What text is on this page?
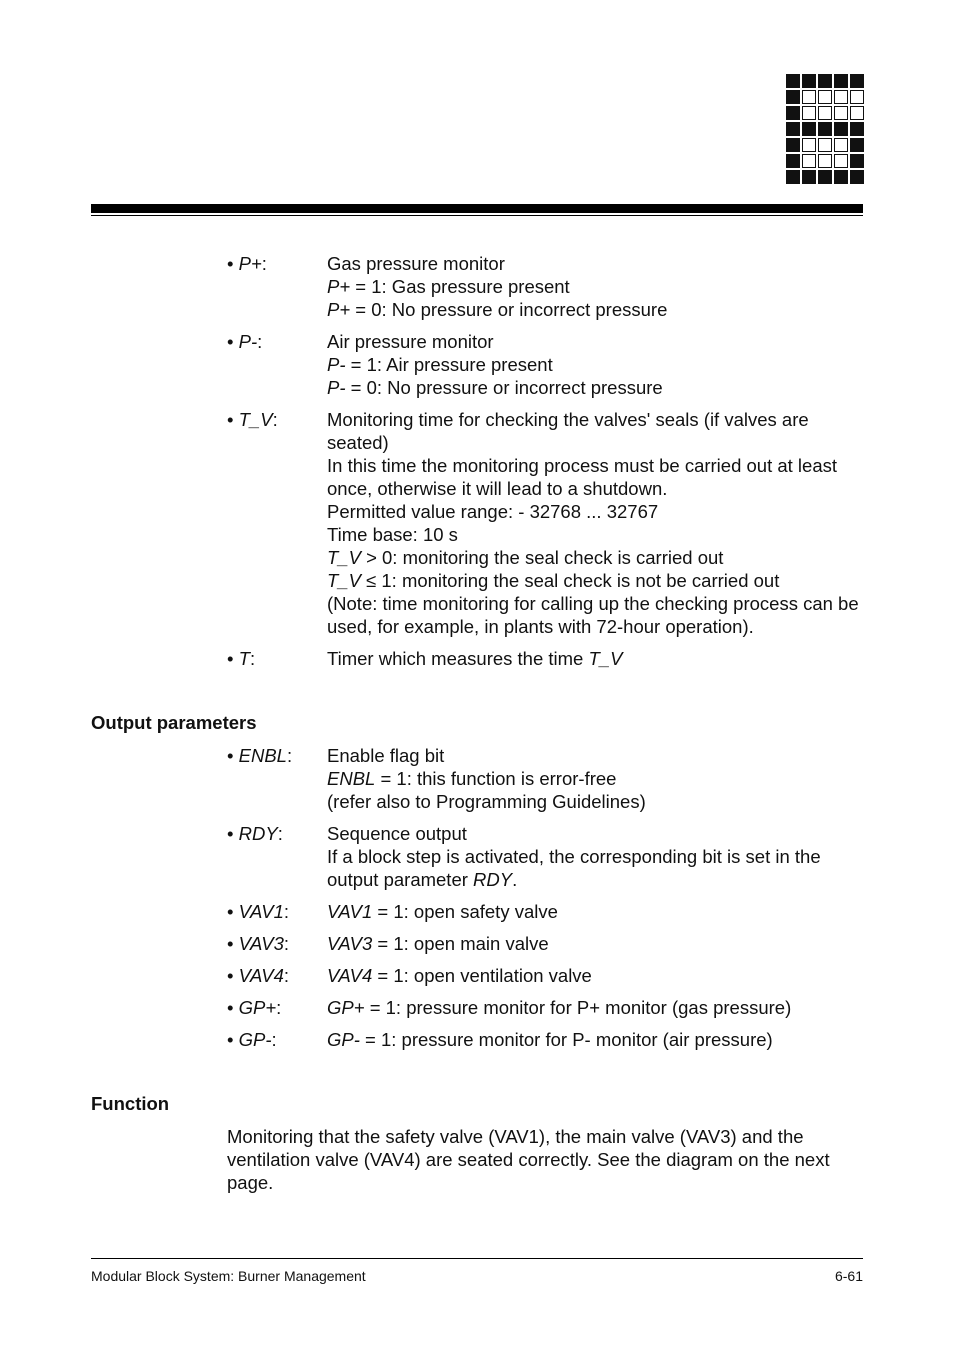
• P+:	Gas pressure monitor
P+ = 1: Gas pressure present
P+ = 0: No pressure or incorrect pressure
• P-:	Air pressure monitor
P- = 1: Air pressure present
P- = 0: No pressure or incorrect pressure
• T_V:	Monitoring time for checking the valves' seals (if valves are seated)
In this time the monitoring process must be carried out at least once, otherwise it will lead to a shutdown.
Permitted value range: - 32768 ... 32767
Time base: 10 s
T_V > 0: monitoring the seal check is carried out
T_V ≤ 1: monitoring the seal check is not be carried out
(Note: time monitoring for calling up the checking process can be used, for example, in plants with 72-hour operation).
• T:	Timer which measures the time T_V
Output parameters
• ENBL: Enable flag bit
ENBL = 1: this function is error-free
(refer also to Programming Guidelines)
• RDY: Sequence output
If a block step is activated, the corresponding bit is set in the output parameter RDY.
• VAV1: VAV1 = 1: open safety valve
• VAV3: VAV3 = 1: open main valve
• VAV4: VAV4 = 1: open ventilation valve
• GP+: GP+ = 1: pressure monitor for P+ monitor (gas pressure)
• GP-:	GP- = 1: pressure monitor for P- monitor (air pressure)
Function
Monitoring that the safety valve (VAV1), the main valve (VAV3) and the ventilation valve (VAV4) are seated correctly. See the diagram on the next page.
Modular Block System: Burner Management	6-61
